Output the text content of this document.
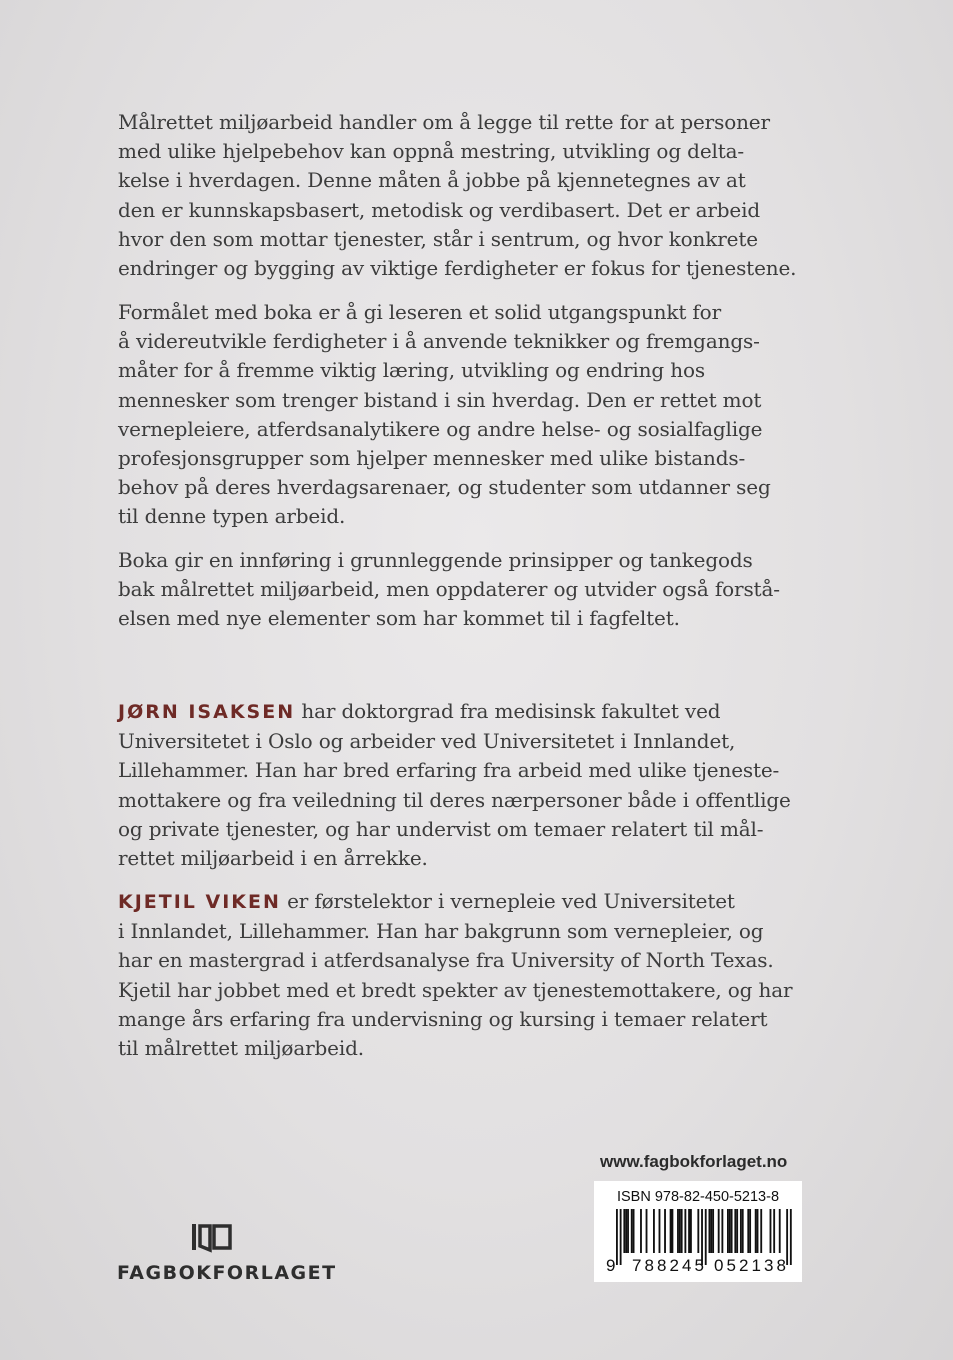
Målrettet miljøarbeid handler om å legge til rette for at personer
med ulike hjelpebehov kan oppnå mestring, utvikling og delta-
kelse i hverdagen. Denne måten å jobbe på kjennetegnes av at
den er kunnskapsbasert, metodisk og verdibasert. Det er arbeid
hvor den som mottar tjenester, står i sentrum, og hvor konkrete
endringer og bygging av viktige ferdigheter er fokus for tjenestene.
Formålet med boka er å gi leseren et solid utgangspunkt for
å videreutvikle ferdigheter i å anvende teknikker og fremgangs-
måter for å fremme viktig læring, utvikling og endring hos
mennesker som trenger bistand i sin hverdag. Den er rettet mot
vernepleiere, atferdsanalytikere og andre helse- og sosialfaglige
profesjonsgrupper som hjelper mennesker med ulike bistands-
behov på deres hverdagsarenaer, og studenter som utdanner seg
til denne typen arbeid.
Boka gir en innføring i grunnleggende prinsipper og tankegods
bak målrettet miljøarbeid, men oppdaterer og utvider også forstå-
elsen med nye elementer som har kommet til i fagfeltet.
JØRN ISAKSEN har doktorgrad fra medisinsk fakultet ved
Universitetet i Oslo og arbeider ved Universitetet i Innlandet,
Lillehammer. Han har bred erfaring fra arbeid med ulike tjeneste-
mottakere og fra veiledning til deres nærpersoner både i offentlige
og private tjenester, og har undervist om temaer relatert til mål-
rettet miljøarbeid i en årrekke.
KJETIL VIKEN er førstelektor i vernepleie ved Universitetet
i Innlandet, Lillehammer. Han har bakgrunn som vernepleier, og
har en mastergrad i atferdsanalyse fra University of North Texas.
Kjetil har jobbet med et bredt spekter av tjenestemottakere, og har
mange års erfaring fra undervisning og kursing i temaer relatert
til målrettet miljøarbeid.
www.fagbokforlaget.no
ISBN 978-82-450-5213-8
9 788245 052138
FAGBOKFORLAGET
